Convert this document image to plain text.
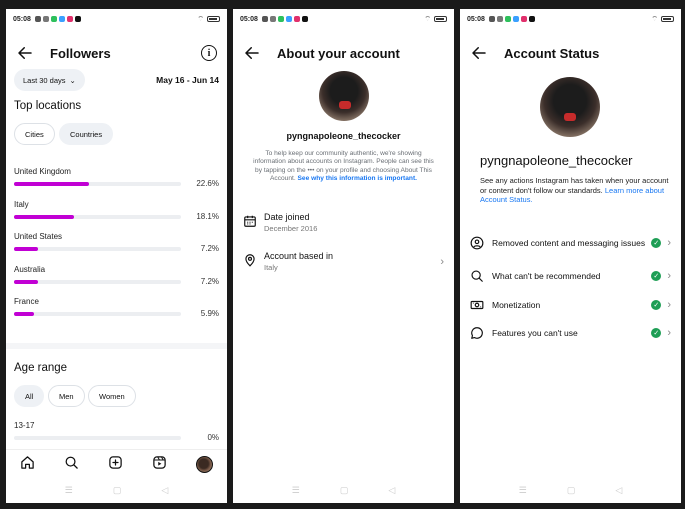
05:08	⌔
Followers	i
Last 30 days ⌄	May 16 - Jun 14
Top locations
Cities	Countries
United Kingdom
22.6%
Italy
18.1%
United States
7.2%
Australia
7.2%
France
5.9%
Age range
All	Men	Women
13-17
0%
☰	▢	◁
05:08	⌔
About your account
pyngnapoleone_thecocker
To help keep our community authentic, we're showing information about accounts on Instagram. People can see this by tapping on the ••• on your profile and choosing About This Account. See why this information is important.
Date joined
December 2016
Account based in
Italy	›
☰	▢	◁
05:08	⌔
Account Status
pyngnapoleone_thecocker
See any actions Instagram has taken when your account or content don't follow our standards. Learn more about Account Status.
Removed content and messaging issues	✓ ›
What can't be recommended	✓ ›
Monetization	✓ ›
Features you can't use	✓ ›
☰	▢	◁
